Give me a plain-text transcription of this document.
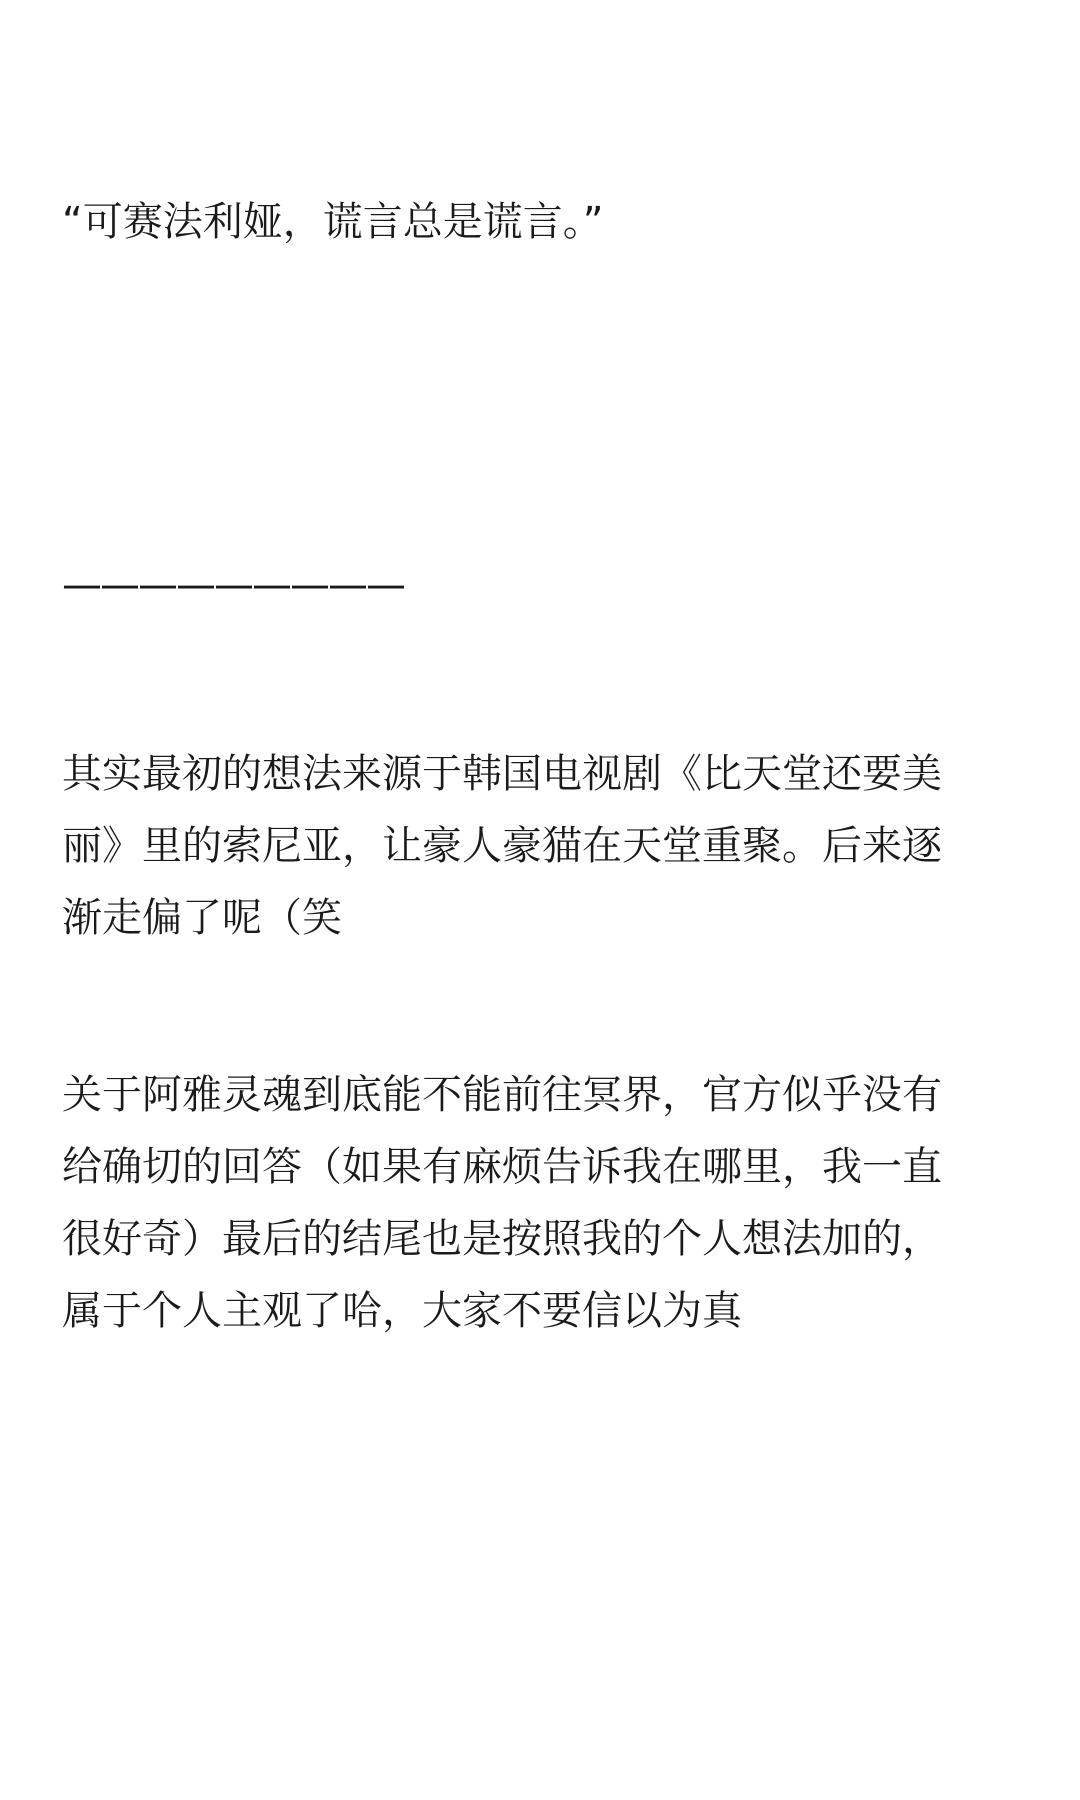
“可赛法利娅，谎言总是谎言。”
—————————
其实最初的想法来源于韩国电视剧《比天堂还要美
丽》里的索尼亚，让豪人豪猫在天堂重聚。后来逐
渐走偏了呢（笑
关于阿雅灵魂到底能不能前往冥界，官方似乎没有
给确切的回答（如果有麻烦告诉我在哪里，我一直
很好奇）最后的结尾也是按照我的个人想法加的，
属于个人主观了哈，大家不要信以为真
